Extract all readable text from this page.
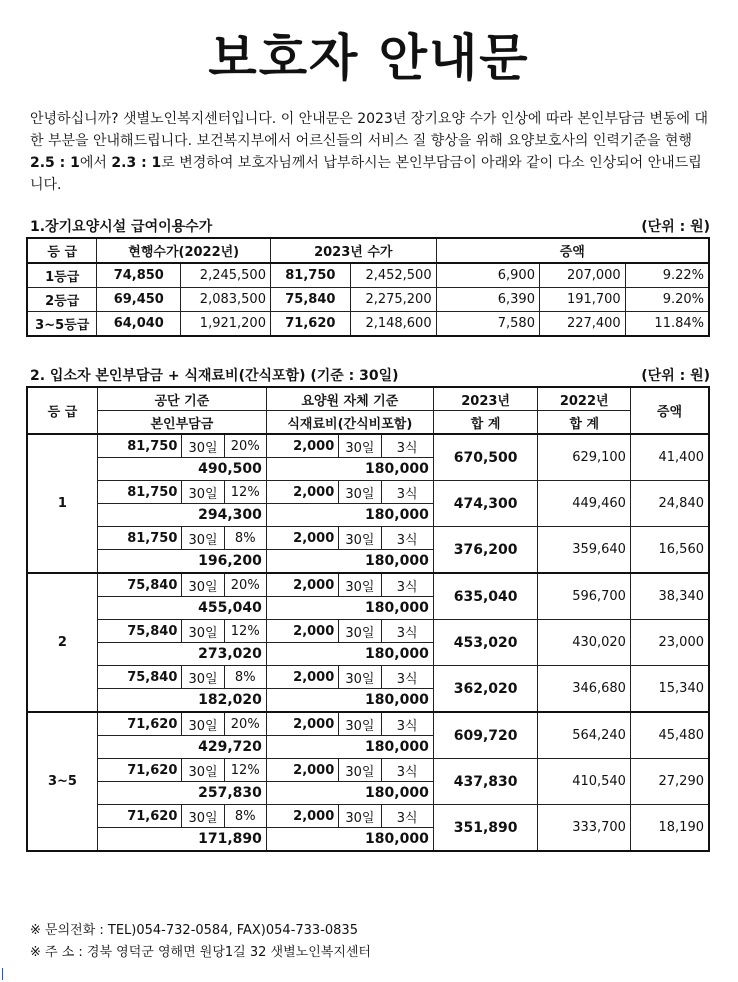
보호자 안내문

안녕하십니까? 샛별노인복지센터입니다. 이 안내문은 2023년 장기요양 수가 인상에 따라 본인부담금 변동에 대한 부분을 안내해드립니다. 보건복지부에서 어르신들의 서비스 질 향상을 위해 요양보호사의 인력기준을 현행 2.5 : 1에서 2.3 : 1로 변경하여 보호자님께서 납부하시는 본인부담금이 아래와 같이 다소 인상되어 안내드립니다.

1.장기요양시설 급여이용수가	(단위 : 원)
등 급	현행수가(2022년)		2023년 수가		증액		
1등급	74,850	2,245,500	81,750	2,452,500	6,900	207,000	9.22%
2등급	69,450	2,083,500	75,840	2,275,200	6,390	191,700	9.20%
3~5등급	64,040	1,921,200	71,620	2,148,600	7,580	227,400	11.84%
2. 입소자 본인부담금 + 식재료비(간식포함) (기준 : 30일)	(단위 : 원)
등 급	공단 기준			요양원 자체 기준			2023년	2022년	증액
	본인부담금			식재료비(간식비포함)			합 계	합 계	
1	81,750	30일	20%	2,000	30일	3식	670,500	629,100	41,400
	490,500			180,000					
	81,750	30일	12%	2,000	30일	3식	474,300	449,460	24,840
	294,300			180,000					
	81,750	30일	8%	2,000	30일	3식	376,200	359,640	16,560
	196,200			180,000					
2	75,840	30일	20%	2,000	30일	3식	635,040	596,700	38,340
	455,040			180,000					
	75,840	30일	12%	2,000	30일	3식	453,020	430,020	23,000
	273,020			180,000					
	75,840	30일	8%	2,000	30일	3식	362,020	346,680	15,340
	182,020			180,000					
3~5	71,620	30일	20%	2,000	30일	3식	609,720	564,240	45,480
	429,720			180,000					
	71,620	30일	12%	2,000	30일	3식	437,830	410,540	27,290
	257,830			180,000					
	71,620	30일	8%	2,000	30일	3식	351,890	333,700	18,190
	171,890			180,000					

※ 문의전화 : TEL)054-732-0584, FAX)054-733-0835
※ 주 소 : 경북 영덕군 영해면 원당1길 32 샛별노인복지센터
